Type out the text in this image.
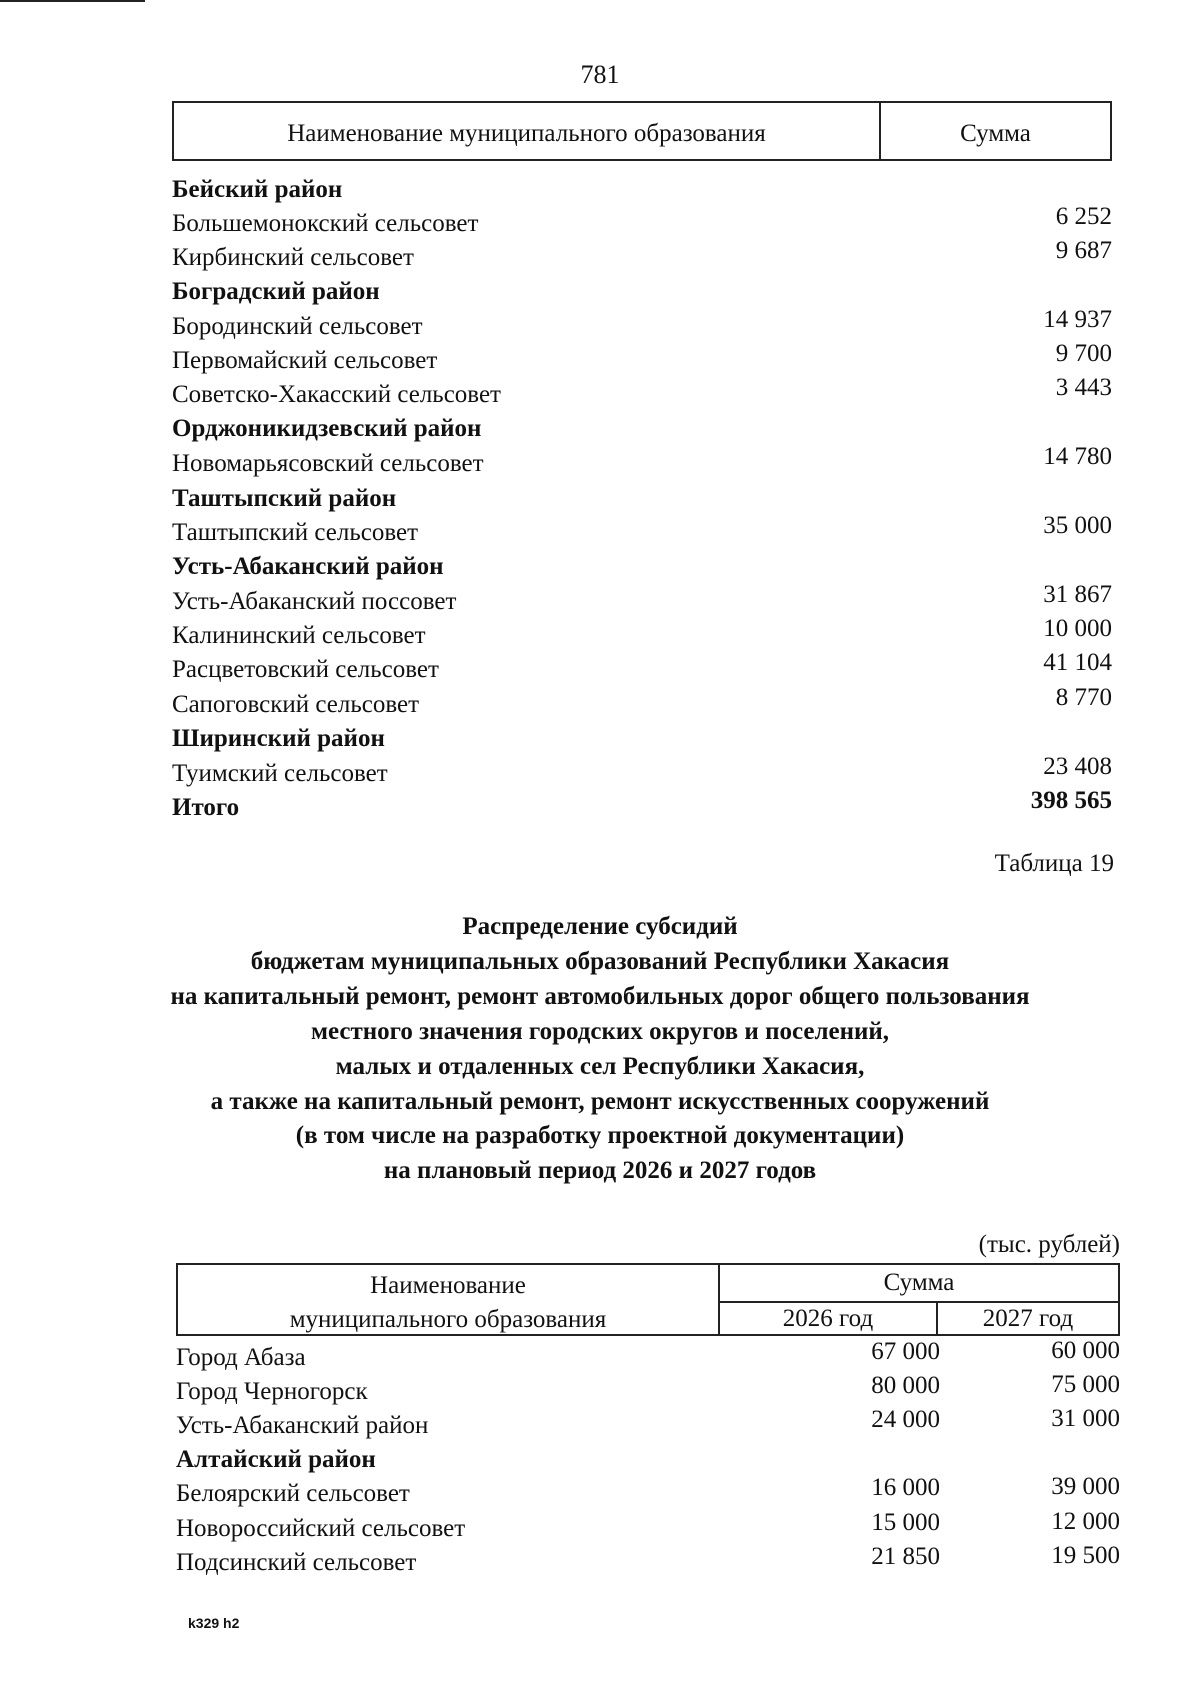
781
Наименование муниципального образования	Сумма
Бейский район
Большемонокский сельсовет	6 252
Кирбинский сельсовет	9 687
Боградский район
Бородинский сельсовет	14 937
Первомайский сельсовет	9 700
Советско-Хакасский сельсовет	3 443
Орджоникидзевский район
Новомарьясовский сельсовет	14 780
Таштыпский район
Таштыпский сельсовет	35 000
Усть-Абаканский район
Усть-Абаканский поссовет	31 867
Калининский сельсовет	10 000
Расцветовский сельсовет	41 104
Сапоговский сельсовет	8 770
Ширинский район
Туимский сельсовет	23 408
Итого	398 565
Таблица 19
Распределение субсидий
бюджетам муниципальных образований Республики Хакасия
на капитальный ремонт, ремонт автомобильных дорог общего пользования
местного значения городских округов и поселений,
малых и отдаленных сел Республики Хакасия,
а также на капитальный ремонт, ремонт искусственных сооружений
(в том числе на разработку проектной документации)
на плановый период 2026 и 2027 годов
(тыс. рублей)
Наименование
муниципального образования
Сумма
2026 год	2027 год
Город Абаза	67 000	60 000
Город Черногорск	80 000	75 000
Усть-Абаканский район	24 000	31 000
Алтайский район
Белоярский сельсовет	16 000	39 000
Новороссийский сельсовет	15 000	12 000
Подсинский сельсовет	21 850	19 500
k329 h2
